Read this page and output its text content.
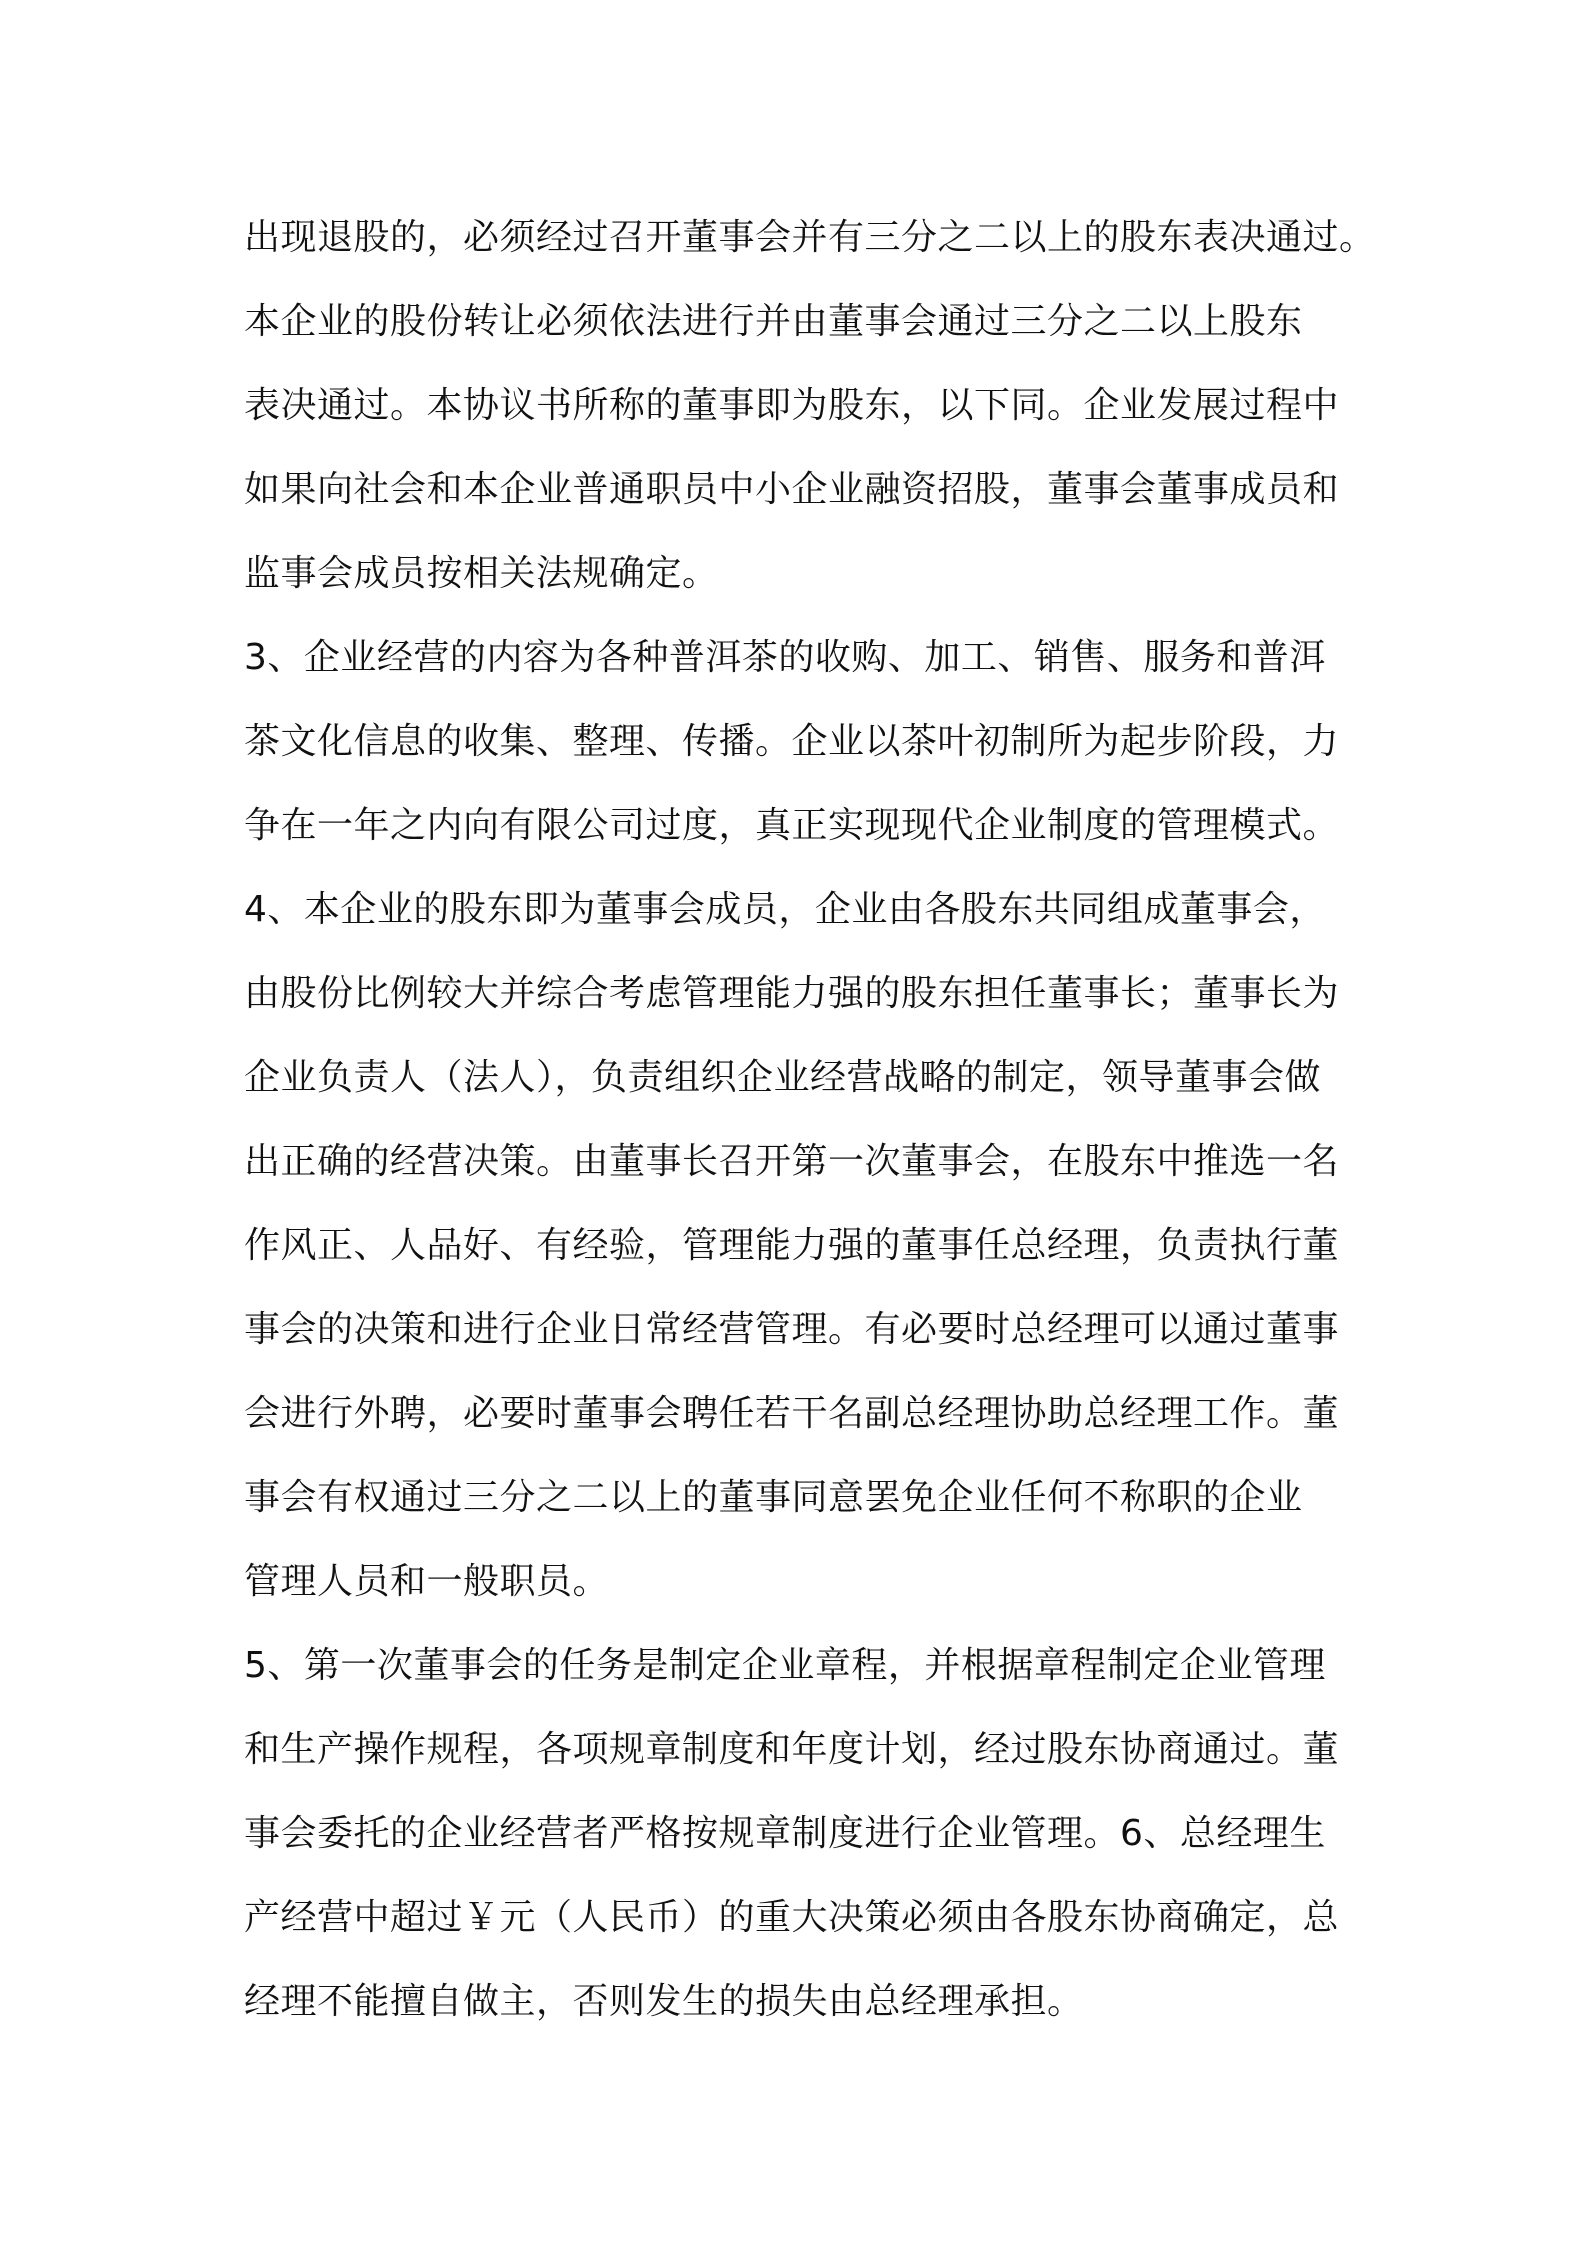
出现退股的，必须经过召开董事会并有三分之二以上的股东表决通过。
本企业的股份转让必须依法进行并由董事会通过三分之二以上股东
表决通过。本协议书所称的董事即为股东，以下同。企业发展过程中
如果向社会和本企业普通职员中小企业融资招股，董事会董事成员和
监事会成员按相关法规确定。
3、企业经营的内容为各种普洱茶的收购、加工、销售、服务和普洱
茶文化信息的收集、整理、传播。企业以茶叶初制所为起步阶段，力
争在一年之内向有限公司过度，真正实现现代企业制度的管理模式。
4、本企业的股东即为董事会成员，企业由各股东共同组成董事会，
由股份比例较大并综合考虑管理能力强的股东担任董事长；董事长为
企业负责人（法人），负责组织企业经营战略的制定，领导董事会做
出正确的经营决策。由董事长召开第一次董事会，在股东中推选一名
作风正、人品好、有经验，管理能力强的董事任总经理，负责执行董
事会的决策和进行企业日常经营管理。有必要时总经理可以通过董事
会进行外聘，必要时董事会聘任若干名副总经理协助总经理工作。董
事会有权通过三分之二以上的董事同意罢免企业任何不称职的企业
管理人员和一般职员。
5、第一次董事会的任务是制定企业章程，并根据章程制定企业管理
和生产操作规程，各项规章制度和年度计划，经过股东协商通过。董
事会委托的企业经营者严格按规章制度进行企业管理。6、总经理生
产经营中超过￥元（人民币）的重大决策必须由各股东协商确定，总
经理不能擅自做主，否则发生的损失由总经理承担。
